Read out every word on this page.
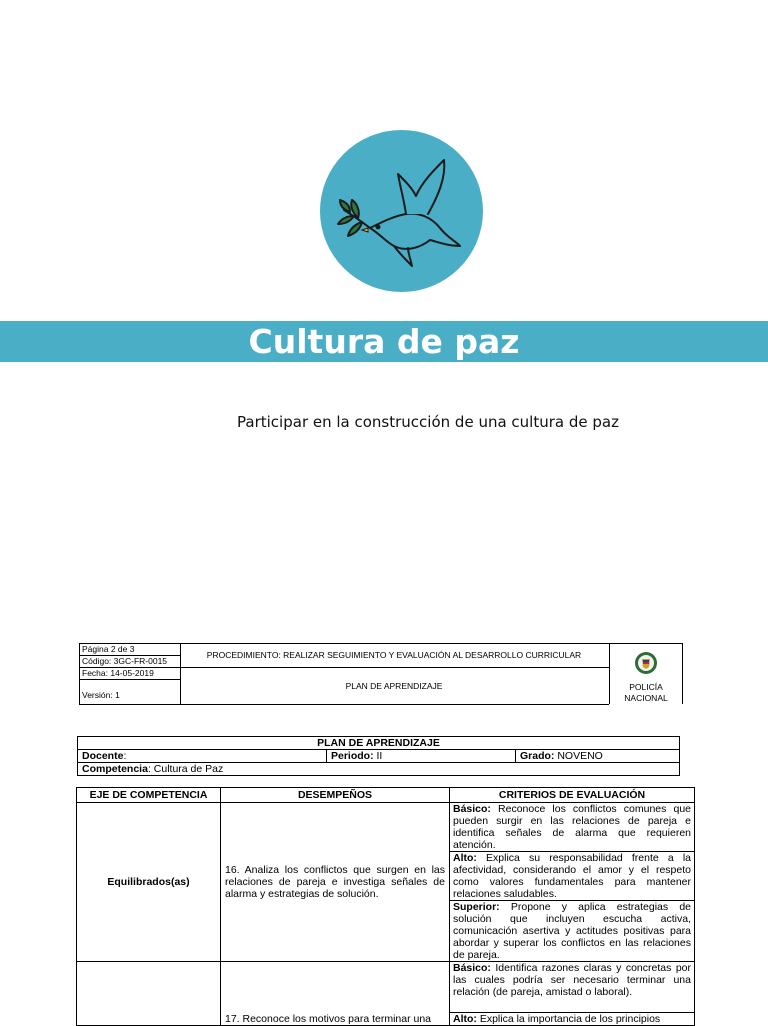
Cultura de paz
Participar en la construcción de una cultura de paz
Página 2 de 3
Código: 3GC-FR-0015
Fecha: 14-05-2019
Versión: 1
PROCEDIMIENTO: REALIZAR SEGUIMIENTO Y EVALUACIÓN AL DESARROLLO CURRICULAR
PLAN DE APRENDIZAJE	POLICÍA
NACIONAL
PLAN DE APRENDIZAJE
Docente:	Periodo: II	Grado: NOVENO
Competencia: Cultura de Paz
EJE DE COMPETENCIA	DESEMPEÑOS	CRITERIOS DE EVALUACIÓN
Equilibrados(as)	16. Analiza los conflictos que surgen en las relaciones de pareja e investiga señales de alarma y estrategias de solución.	Básico: Reconoce los conflictos comunes que pueden surgir en las relaciones de pareja e identifica señales de alarma que requieren atención.
Alto: Explica su responsabilidad frente a la afectividad, considerando el amor y el respeto como valores fundamentales para mantener relaciones saludables.
Superior: Propone y aplica estrategias de solución que incluyen escucha activa, comunicación asertiva y actitudes positivas para abordar y superar los conflictos en las relaciones de pareja.

	17. Reconoce los motivos para terminar una	Básico: Identifica razones claras y concretas por las cuales podría ser necesario terminar una relación (de pareja, amistad o laboral).
Alto: Explica la importancia de los principios
